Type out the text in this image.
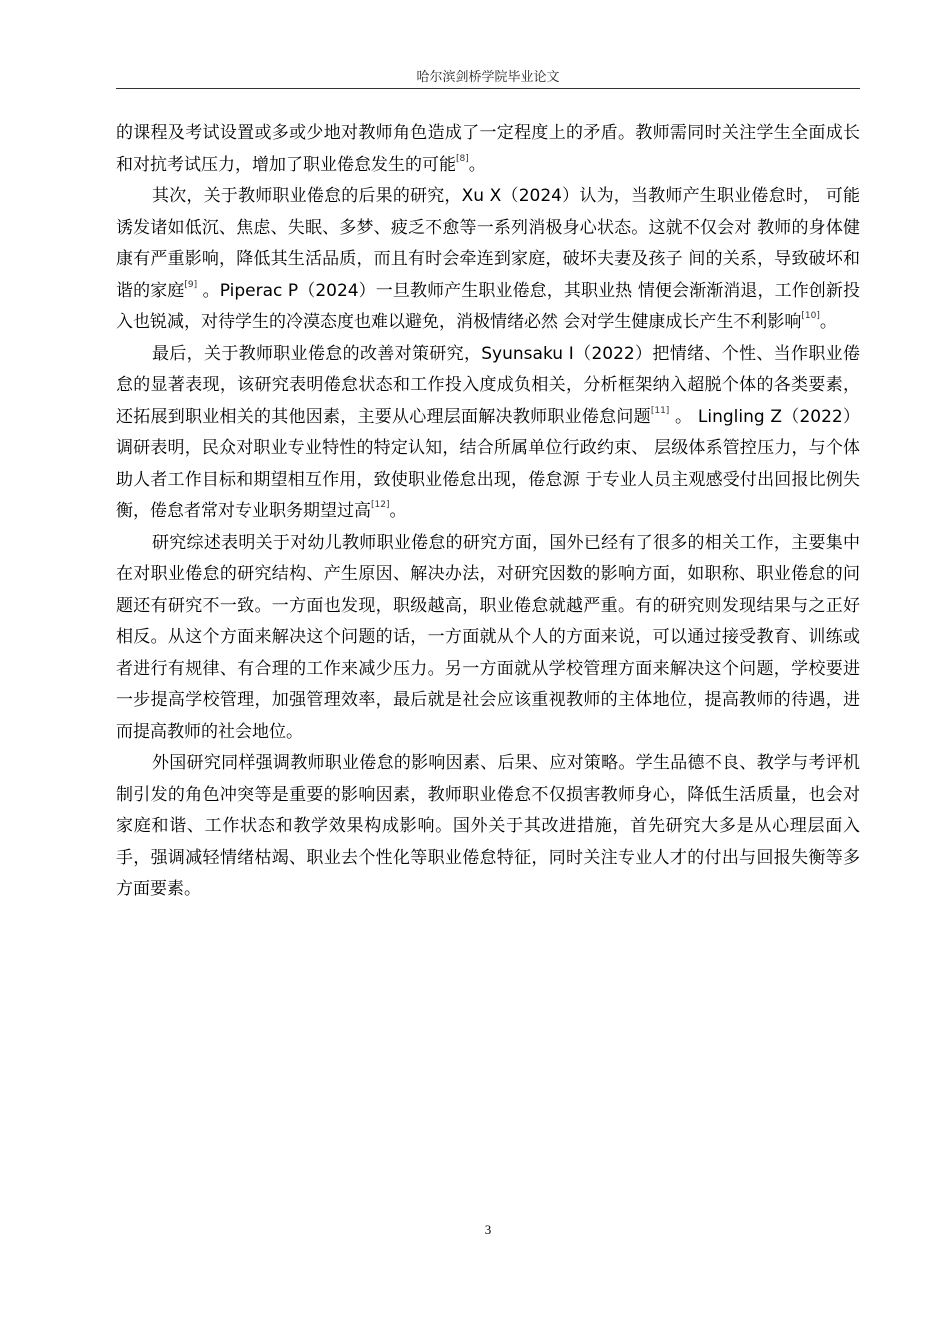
哈尔滨剑桥学院毕业论文

的课程及考试设置或多或少地对教师角色造成了一定程度上的矛盾。教师需同时关注学生全面成长和对抗考试压力，增加了职业倦怠发生的可能[8]。

其次，关于教师职业倦怠的后果的研究，Xu X（2024）认为，当教师产生职业倦怠时， 可能诱发诸如低沉、焦虑、失眠、多梦、疲乏不愈等一系列消极身心状态。这就不仅会对 教师的身体健康有严重影响，降低其生活品质，而且有时会牵连到家庭，破坏夫妻及孩子 间的关系，导致破坏和谐的家庭[9] 。Piperac P（2024）一旦教师产生职业倦怠，其职业热 情便会渐渐消退，工作创新投入也锐减，对待学生的冷漠态度也难以避免，消极情绪必然 会对学生健康成长产生不利影响[10]。

最后，关于教师职业倦怠的改善对策研究，Syunsaku I（2022）把情绪、个性、当作职业倦怠的显著表现，该研究表明倦怠状态和工作投入度成负相关，分析框架纳入超脱个体的各类要素，还拓展到职业相关的其他因素，主要从心理层面解决教师职业倦怠问题[11] 。 Lingling Z（2022）调研表明，民众对职业专业特性的特定认知，结合所属单位行政约束、 层级体系管控压力，与个体助人者工作目标和期望相互作用，致使职业倦怠出现，倦怠源 于专业人员主观感受付出回报比例失衡，倦怠者常对专业职务期望过高[12]。

研究综述表明关于对幼儿教师职业倦怠的研究方面，国外已经有了很多的相关工作，主要集中在对职业倦怠的研究结构、产生原因、解决办法，对研究因数的影响方面，如职称、职业倦怠的问题还有研究不一致。一方面也发现，职级越高，职业倦怠就越严重。有的研究则发现结果与之正好相反。从这个方面来解决这个问题的话，一方面就从个人的方面来说，可以通过接受教育、训练或者进行有规律、有合理的工作来减少压力。另一方面就从学校管理方面来解决这个问题，学校要进一步提高学校管理，加强管理效率，最后就是社会应该重视教师的主体地位，提高教师的待遇，进而提高教师的社会地位。

外国研究同样强调教师职业倦怠的影响因素、后果、应对策略。学生品德不良、教学与考评机制引发的角色冲突等是重要的影响因素，教师职业倦怠不仅损害教师身心，降低生活质量，也会对家庭和谐、工作状态和教学效果构成影响。国外关于其改进措施，首先研究大多是从心理层面入手，强调减轻情绪枯竭、职业去个性化等职业倦怠特征，同时关注专业人才的付出与回报失衡等多方面要素。

3
